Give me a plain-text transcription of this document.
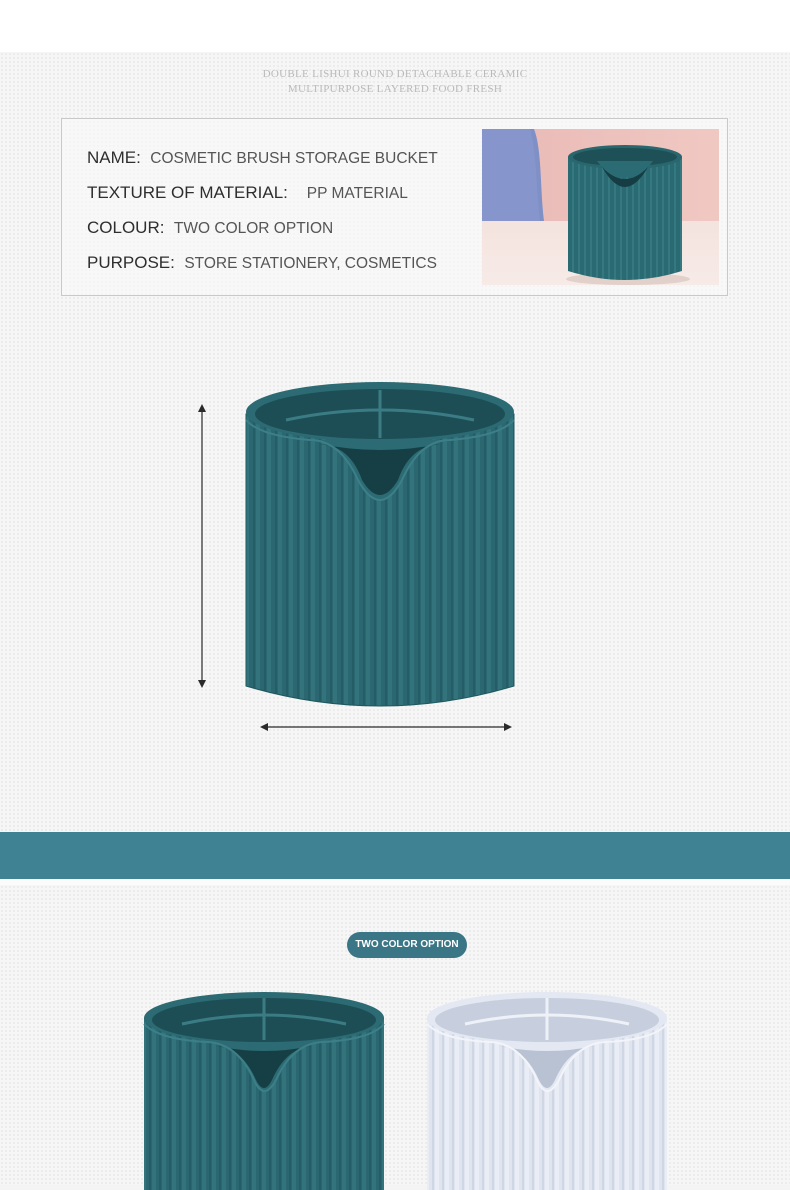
DOUBLE LISHUI ROUND DETACHABLE CERAMIC
MULTIPURPOSE LAYERED FOOD FRESH
NAME: COSMETIC BRUSH STORAGE BUCKET
TEXTURE OF MATERIAL: PP MATERIAL
COLOUR: TWO COLOR OPTION
PURPOSE: STORE STATIONERY, COSMETICS
TWO COLOR OPTION
